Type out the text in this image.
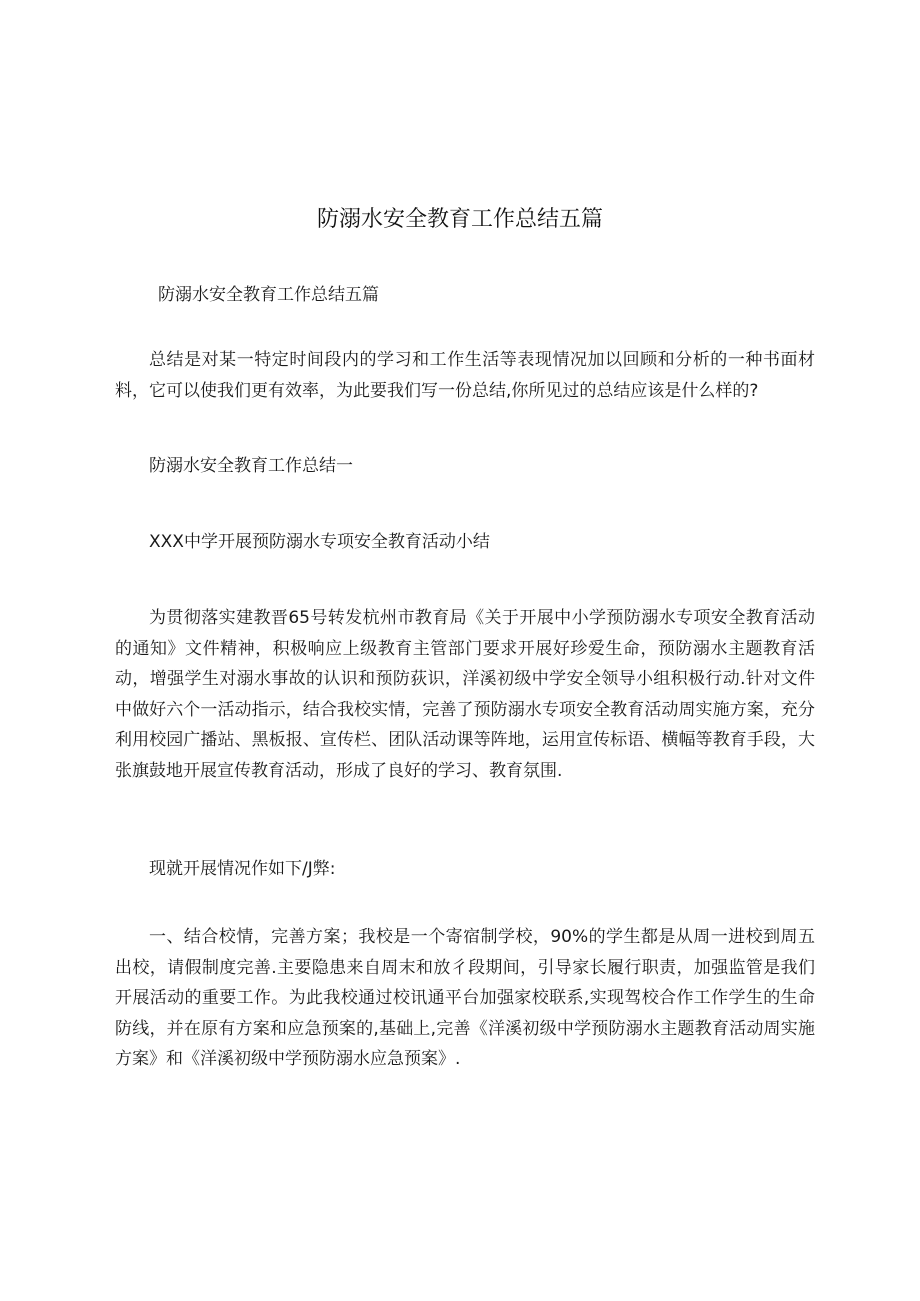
防溺水安全教育工作总结五篇
防溺水安全教育工作总结五篇
总结是对某一特定时间段内的学习和工作生活等表现情况加以回顾和分析的一种书面材料，它可以使我们更有效率，为此要我们写一份总结,你所见过的总结应该是什么样的?
防溺水安全教育工作总结一
XXX中学开展预防溺水专项安全教育活动小结
为贯彻落实建教晋65号转发杭州市教育局《关于开展中小学预防溺水专项安全教育活动的通知》文件精神，积极响应上级教育主管部门要求开展好珍爱生命，预防溺水主题教育活动，增强学生对溺水事故的认识和预防荻识，洋溪初级中学安全领导小组积极行动.针对文件中做好六个一活动指示，结合我校实情，完善了预防溺水专项安全教育活动周实施方案，充分利用校园广播站、黑板报、宣传栏、团队活动课等阵地，运用宣传标语、横幅等教育手段，大张旗鼓地开展宣传教育活动，形成了良好的学习、教育氛围.
现就开展情况作如下/J弊:
一、结合校情，完善方案；我校是一个寄宿制学校，90%的学生都是从周一进校到周五出校，请假制度完善.主要隐患来自周末和放彳段期间，引导家长履行职责，加强监管是我们开展活动的重要工作。为此我校通过校讯通平台加强家校联系,实现驾校合作工作学生的生命防线，并在原有方案和应急预案的,基础上,完善《洋溪初级中学预防溺水主题教育活动周实施方案》和《洋溪初级中学预防溺水应急预案》.
